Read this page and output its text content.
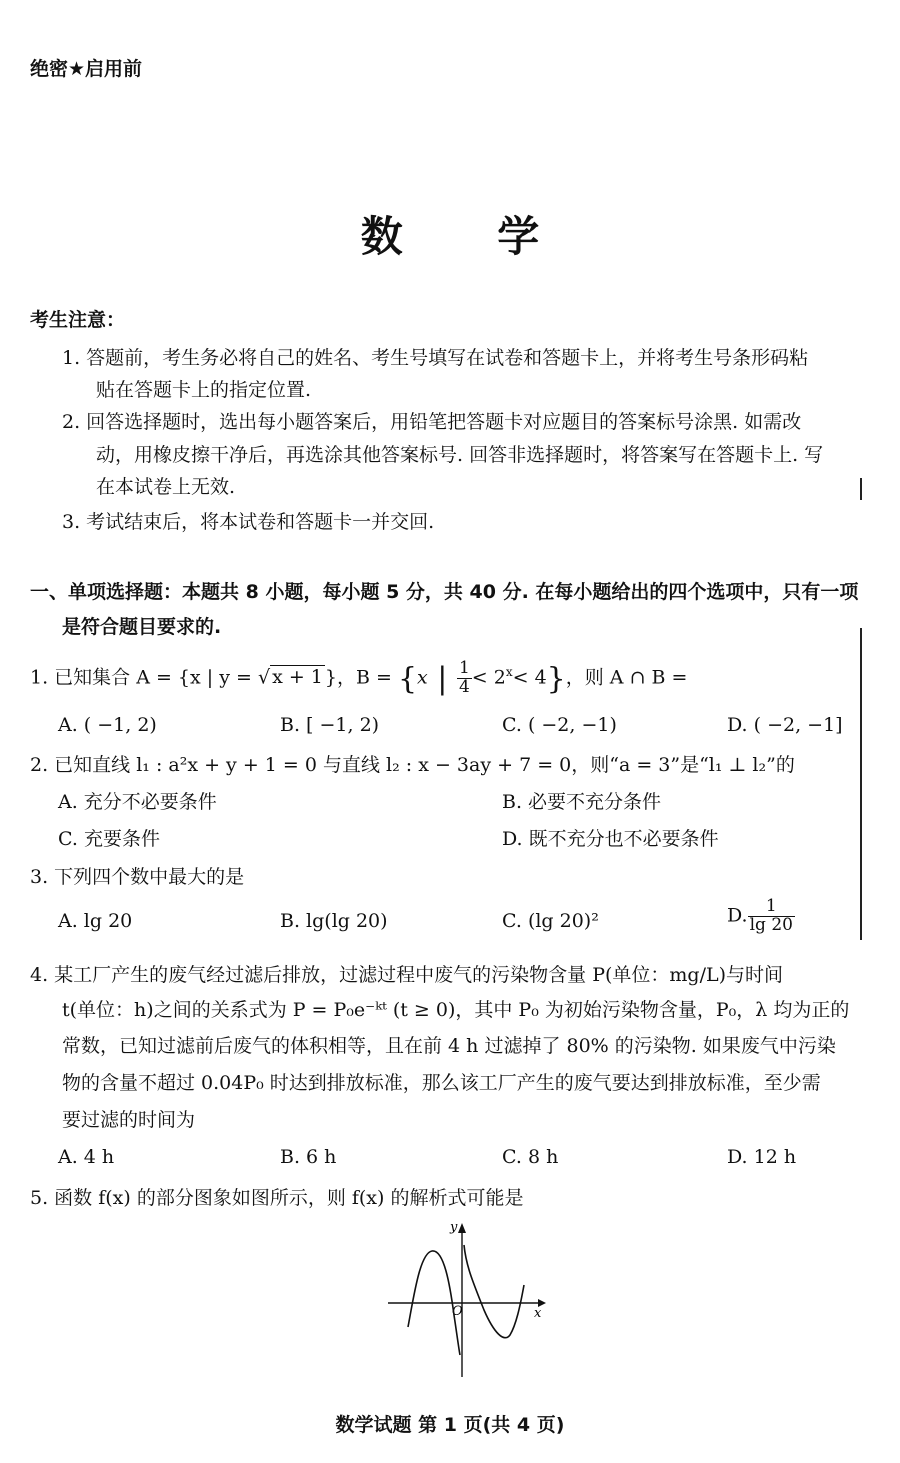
绝密★启用前
数 学
考生注意：
1. 答题前，考生务必将自己的姓名、考生号填写在试卷和答题卡上，并将考生号条形码粘
贴在答题卡上的指定位置.
2. 回答选择题时，选出每小题答案后，用铅笔把答题卡对应题目的答案标号涂黑. 如需改
动，用橡皮擦干净后，再选涂其他答案标号. 回答非选择题时，将答案写在答题卡上. 写
在本试卷上无效.
3. 考试结束后，将本试卷和答题卡一并交回.
一、单项选择题：本题共 8 小题，每小题 5 分，共 40 分. 在每小题给出的四个选项中，只有一项
是符合题目要求的.
1. 已知集合 A = {x | y = √ x + 1 }，B = {x | $\frac{1}{4} < 2^x< 4$}，则 A ∩ B =
A. ( −1, 2)	B. [ −1, 2)	C. ( −2, −1)	D. ( −2, −1]
2. 已知直线 l₁ : a²x + y + 1 = 0 与直线 l₂ : x − 3ay + 7 = 0，则“a = 3”是“l₁ ⊥ l₂”的
A. 充分不必要条件	B. 必要不充分条件
C. 充要条件	D. 既不充分也不必要条件
3. 下列四个数中最大的是
A. lg 20	B. lg(lg 20)	C. (lg 20)²	D. $\frac{1}{\lg 20}$
4. 某工厂产生的废气经过滤后排放，过滤过程中废气的污染物含量 P(单位：mg/L)与时间
t(单位：h)之间的关系式为 P = P₀e⁻ᵏᵗ (t ≥ 0)，其中 P₀ 为初始污染物含量，P₀，λ 均为正的
常数，已知过滤前后废气的体积相等，且在前 4 h 过滤掉了 80% 的污染物. 如果废气中污染
物的含量不超过 0.04P₀ 时达到排放标准，那么该工厂产生的废气要达到排放标准，至少需
要过滤的时间为
A. 4 h	B. 6 h	C. 8 h	D. 12 h
5. 函数 f(x) 的部分图象如图所示，则 f(x) 的解析式可能是
y
x
O
数学试题 第 1 页(共 4 页)
